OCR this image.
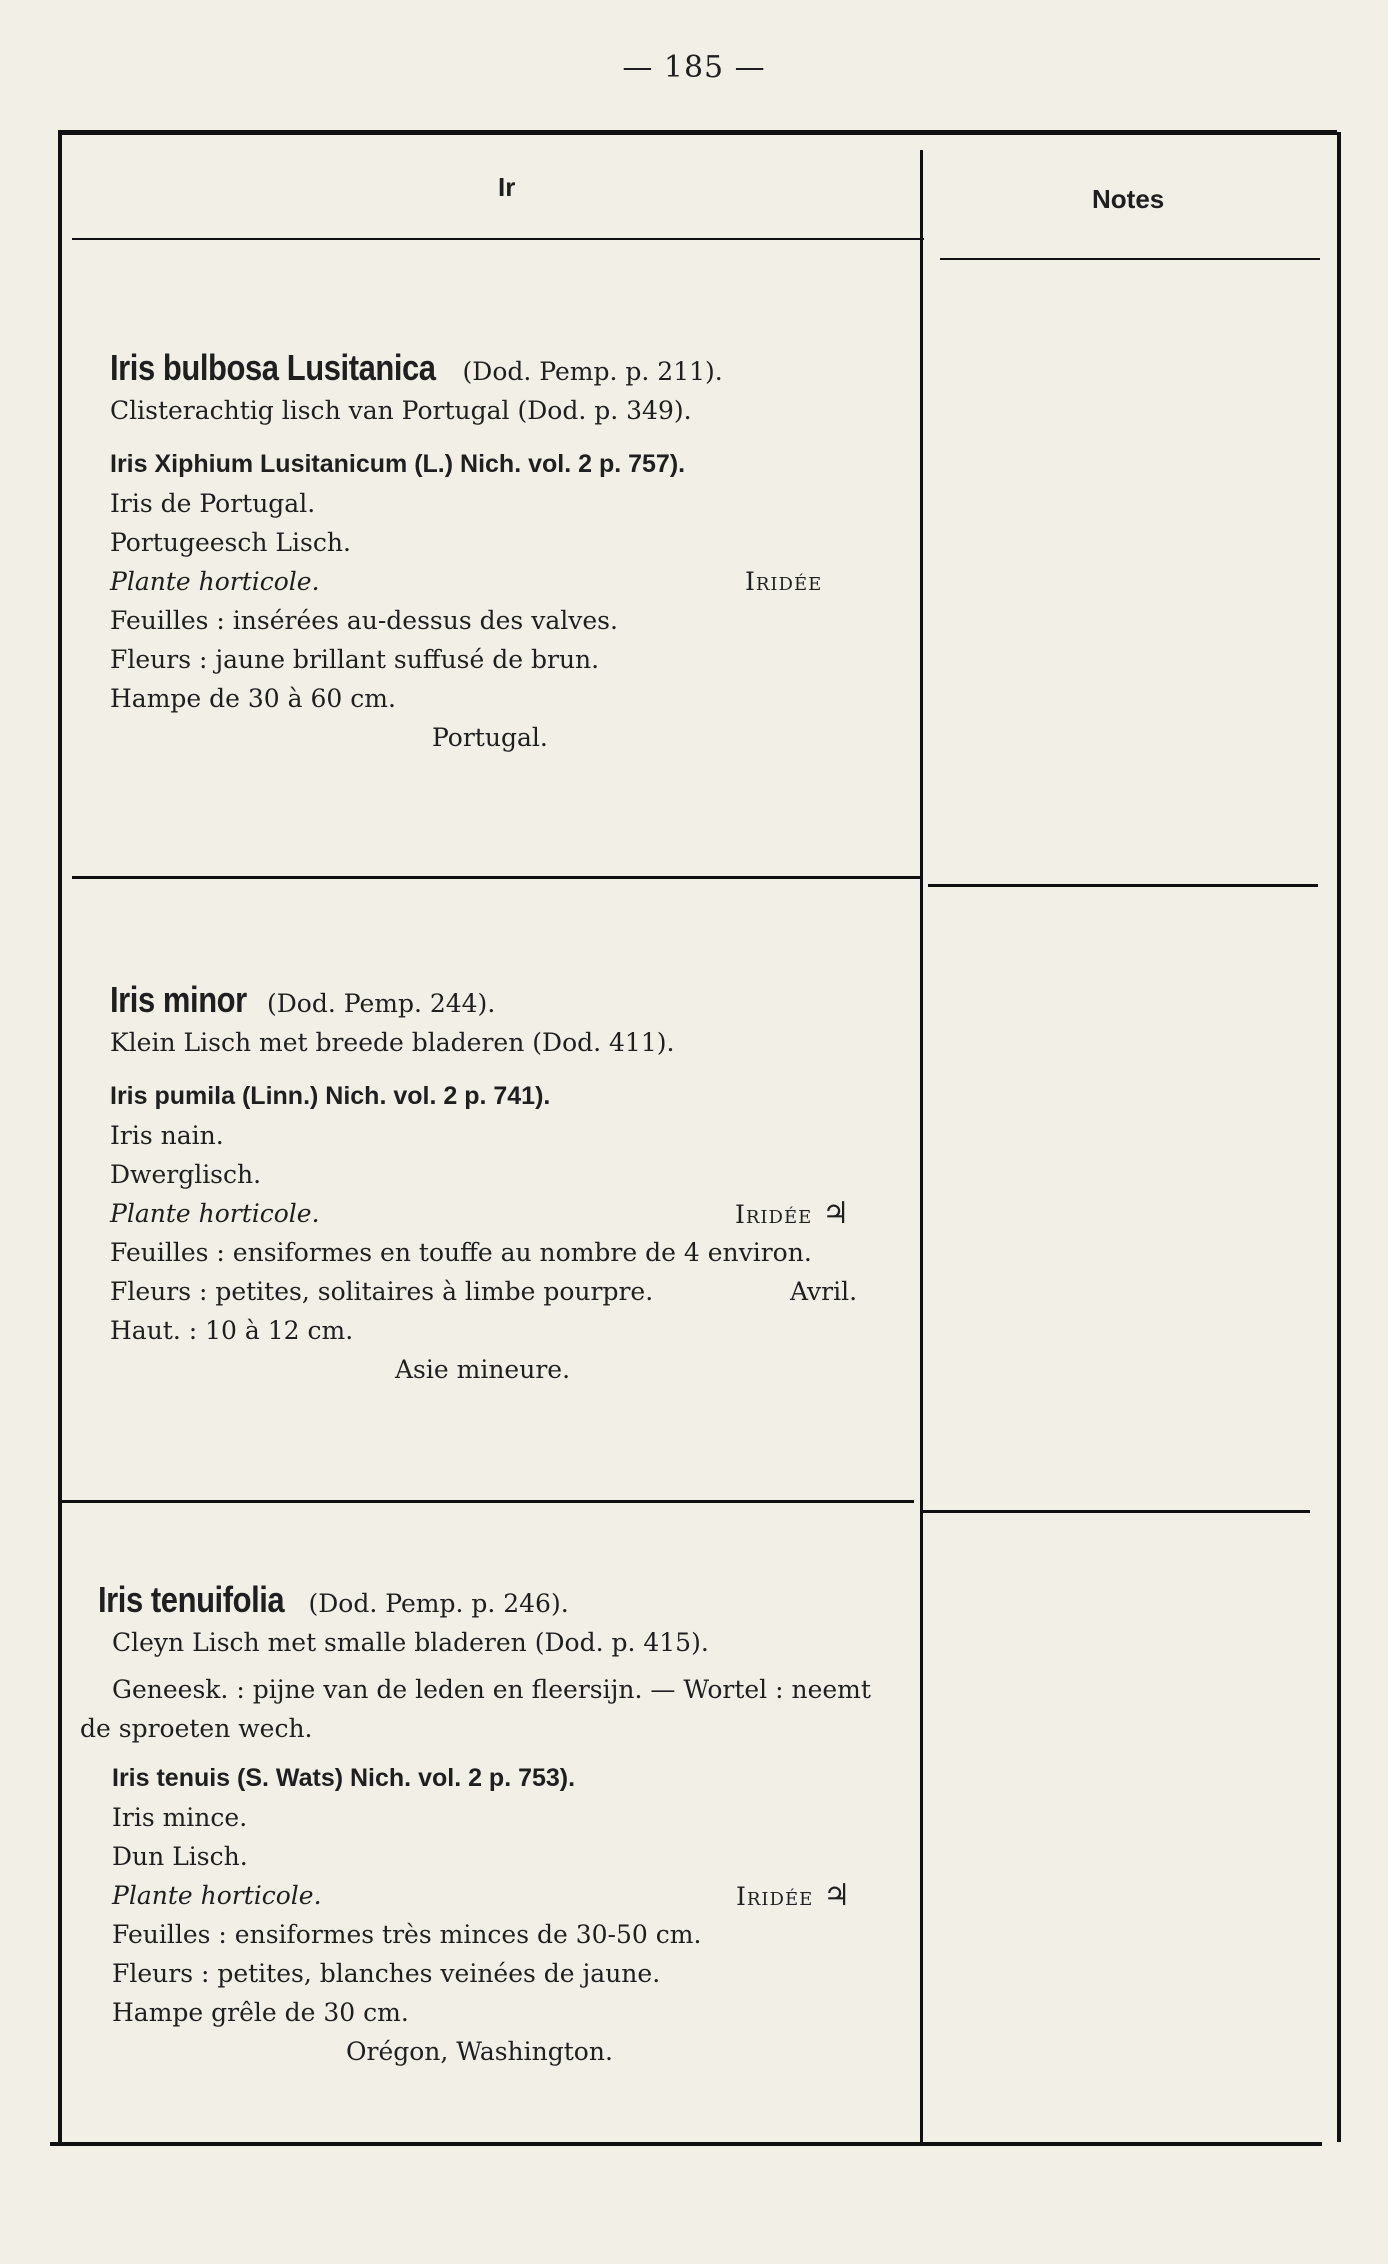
— 185 —
Ir	Notes
Iris bulbosa Lusitanica (Dod. Pemp. p. 211).
Clisterachtig lisch van Portugal (Dod. p. 349).
Iris Xiphium Lusitanicum (L.) Nich. vol. 2 p. 757).
Iris de Portugal.
Portugeesch Lisch.
Plante horticole.	Iridée
Feuilles : insérées au-dessus des valves.
Fleurs : jaune brillant suffusé de brun.
Hampe de 30 à 60 cm.
Portugal.
Iris minor (Dod. Pemp. 244).
Klein Lisch met breede bladeren (Dod. 411).
Iris pumila (Linn.) Nich. vol. 2 p. 741).
Iris nain.
Dwerglisch.
Plante horticole.	Iridée ♃
Feuilles : ensiformes en touffe au nombre de 4 environ.
Fleurs : petites, solitaires à limbe pourpre.	Avril.
Haut. : 10 à 12 cm.
Asie mineure.
Iris tenuifolia (Dod. Pemp. p. 246).
Cleyn Lisch met smalle bladeren (Dod. p. 415).
Geneesk. : pijne van de leden en fleersijn. — Wortel : neemt
de sproeten wech.
Iris tenuis (S. Wats) Nich. vol. 2 p. 753).
Iris mince.
Dun Lisch.
Plante horticole.	Iridée ♃
Feuilles : ensiformes très minces de 30-50 cm.
Fleurs : petites, blanches veinées de jaune.
Hampe grêle de 30 cm.
Orégon, Washington.
